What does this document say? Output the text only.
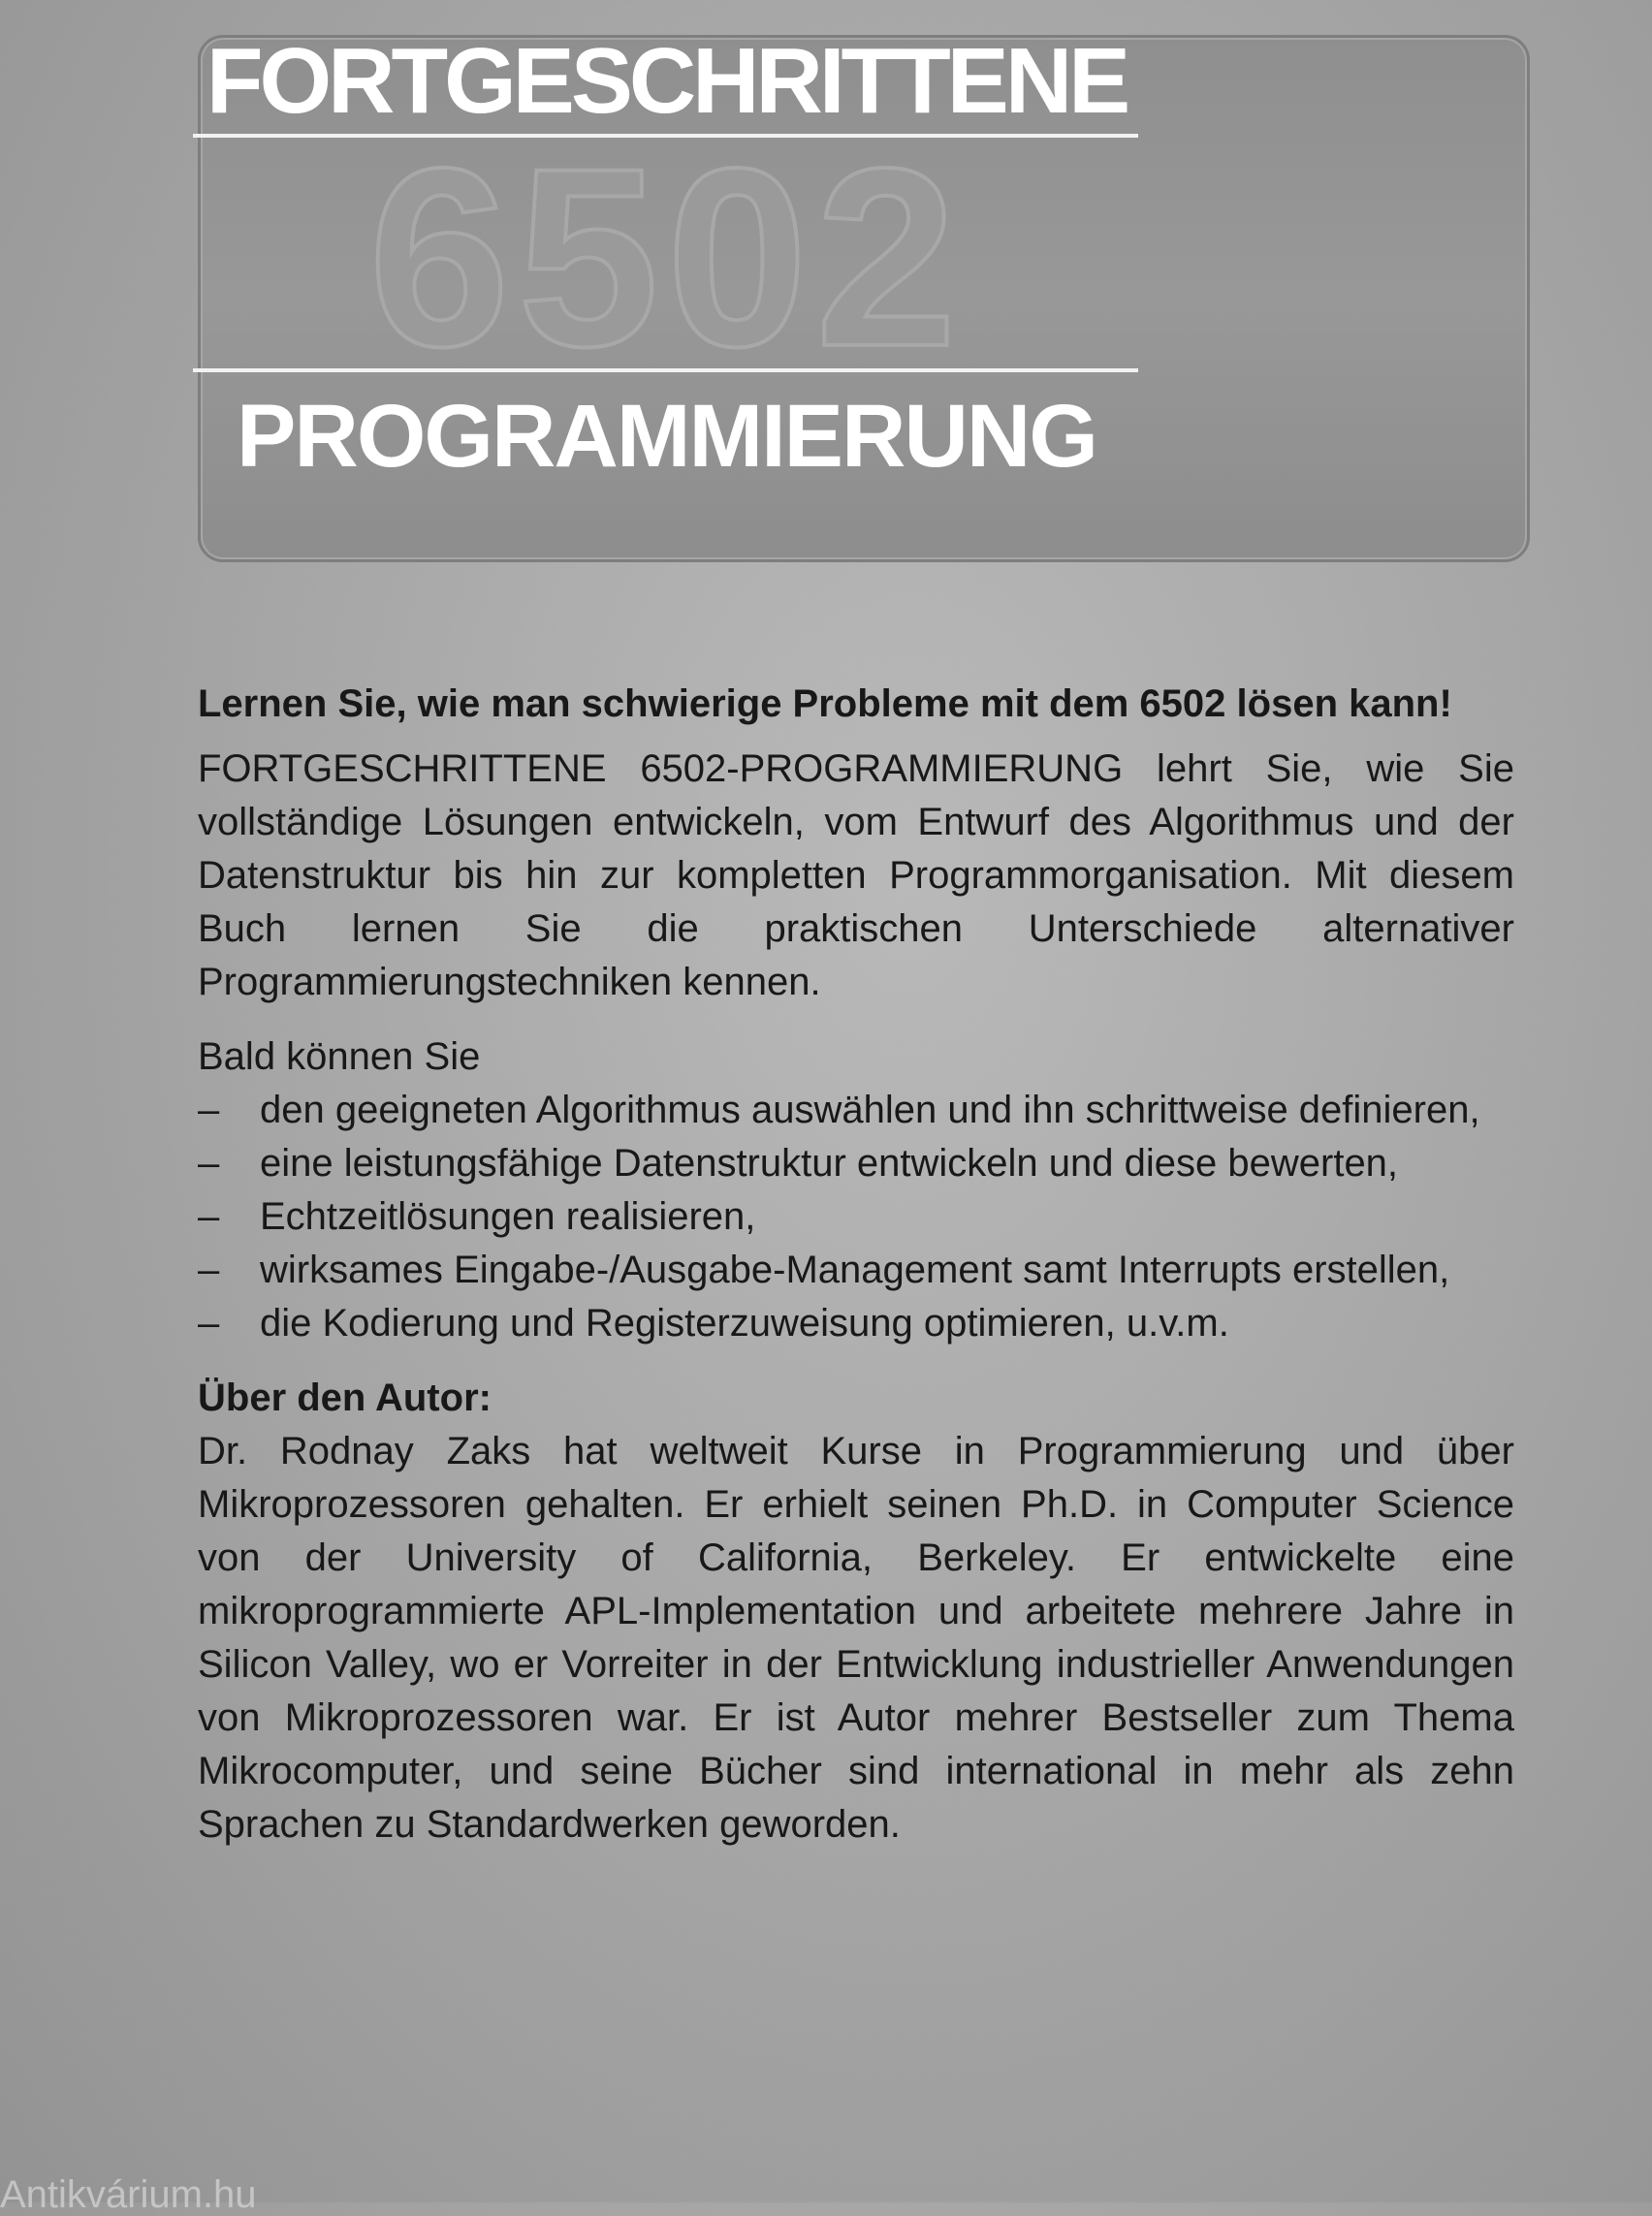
FORTGESCHRITTENE
6502
PROGRAMMIERUNG

Lernen Sie, wie man schwierige Probleme mit dem 6502 lösen kann!

FORTGESCHRITTENE 6502-PROGRAMMIERUNG lehrt Sie, wie Sie vollständige Lösungen entwickeln, vom Entwurf des Algorithmus und der Datenstruktur bis hin zur kompletten Programmorganisation. Mit diesem Buch lernen Sie die praktischen Unterschiede alternativer Programmierungstechniken kennen.

Bald können Sie

– den geeigneten Algorithmus auswählen und ihn schrittweise definieren,
– eine leistungsfähige Datenstruktur entwickeln und diese bewerten,
– Echtzeitlösungen realisieren,
– wirksames Eingabe-/Ausgabe-Management samt Interrupts erstellen,
– die Kodierung und Registerzuweisung optimieren, u.v.m.

Über den Autor:

Dr. Rodnay Zaks hat weltweit Kurse in Programmierung und über Mikroprozessoren gehalten. Er erhielt seinen Ph.D. in Computer Science von der University of California, Berkeley. Er entwickelte eine mikroprogrammierte APL-Implementation und arbeitete mehrere Jahre in Silicon Valley, wo er Vorreiter in der Entwicklung industrieller Anwendungen von Mikroprozessoren war. Er ist Autor mehrer Bestseller zum Thema Mikrocomputer, und seine Bücher sind international in mehr als zehn Sprachen zu Standardwerken geworden.

Antikvárium.hu
